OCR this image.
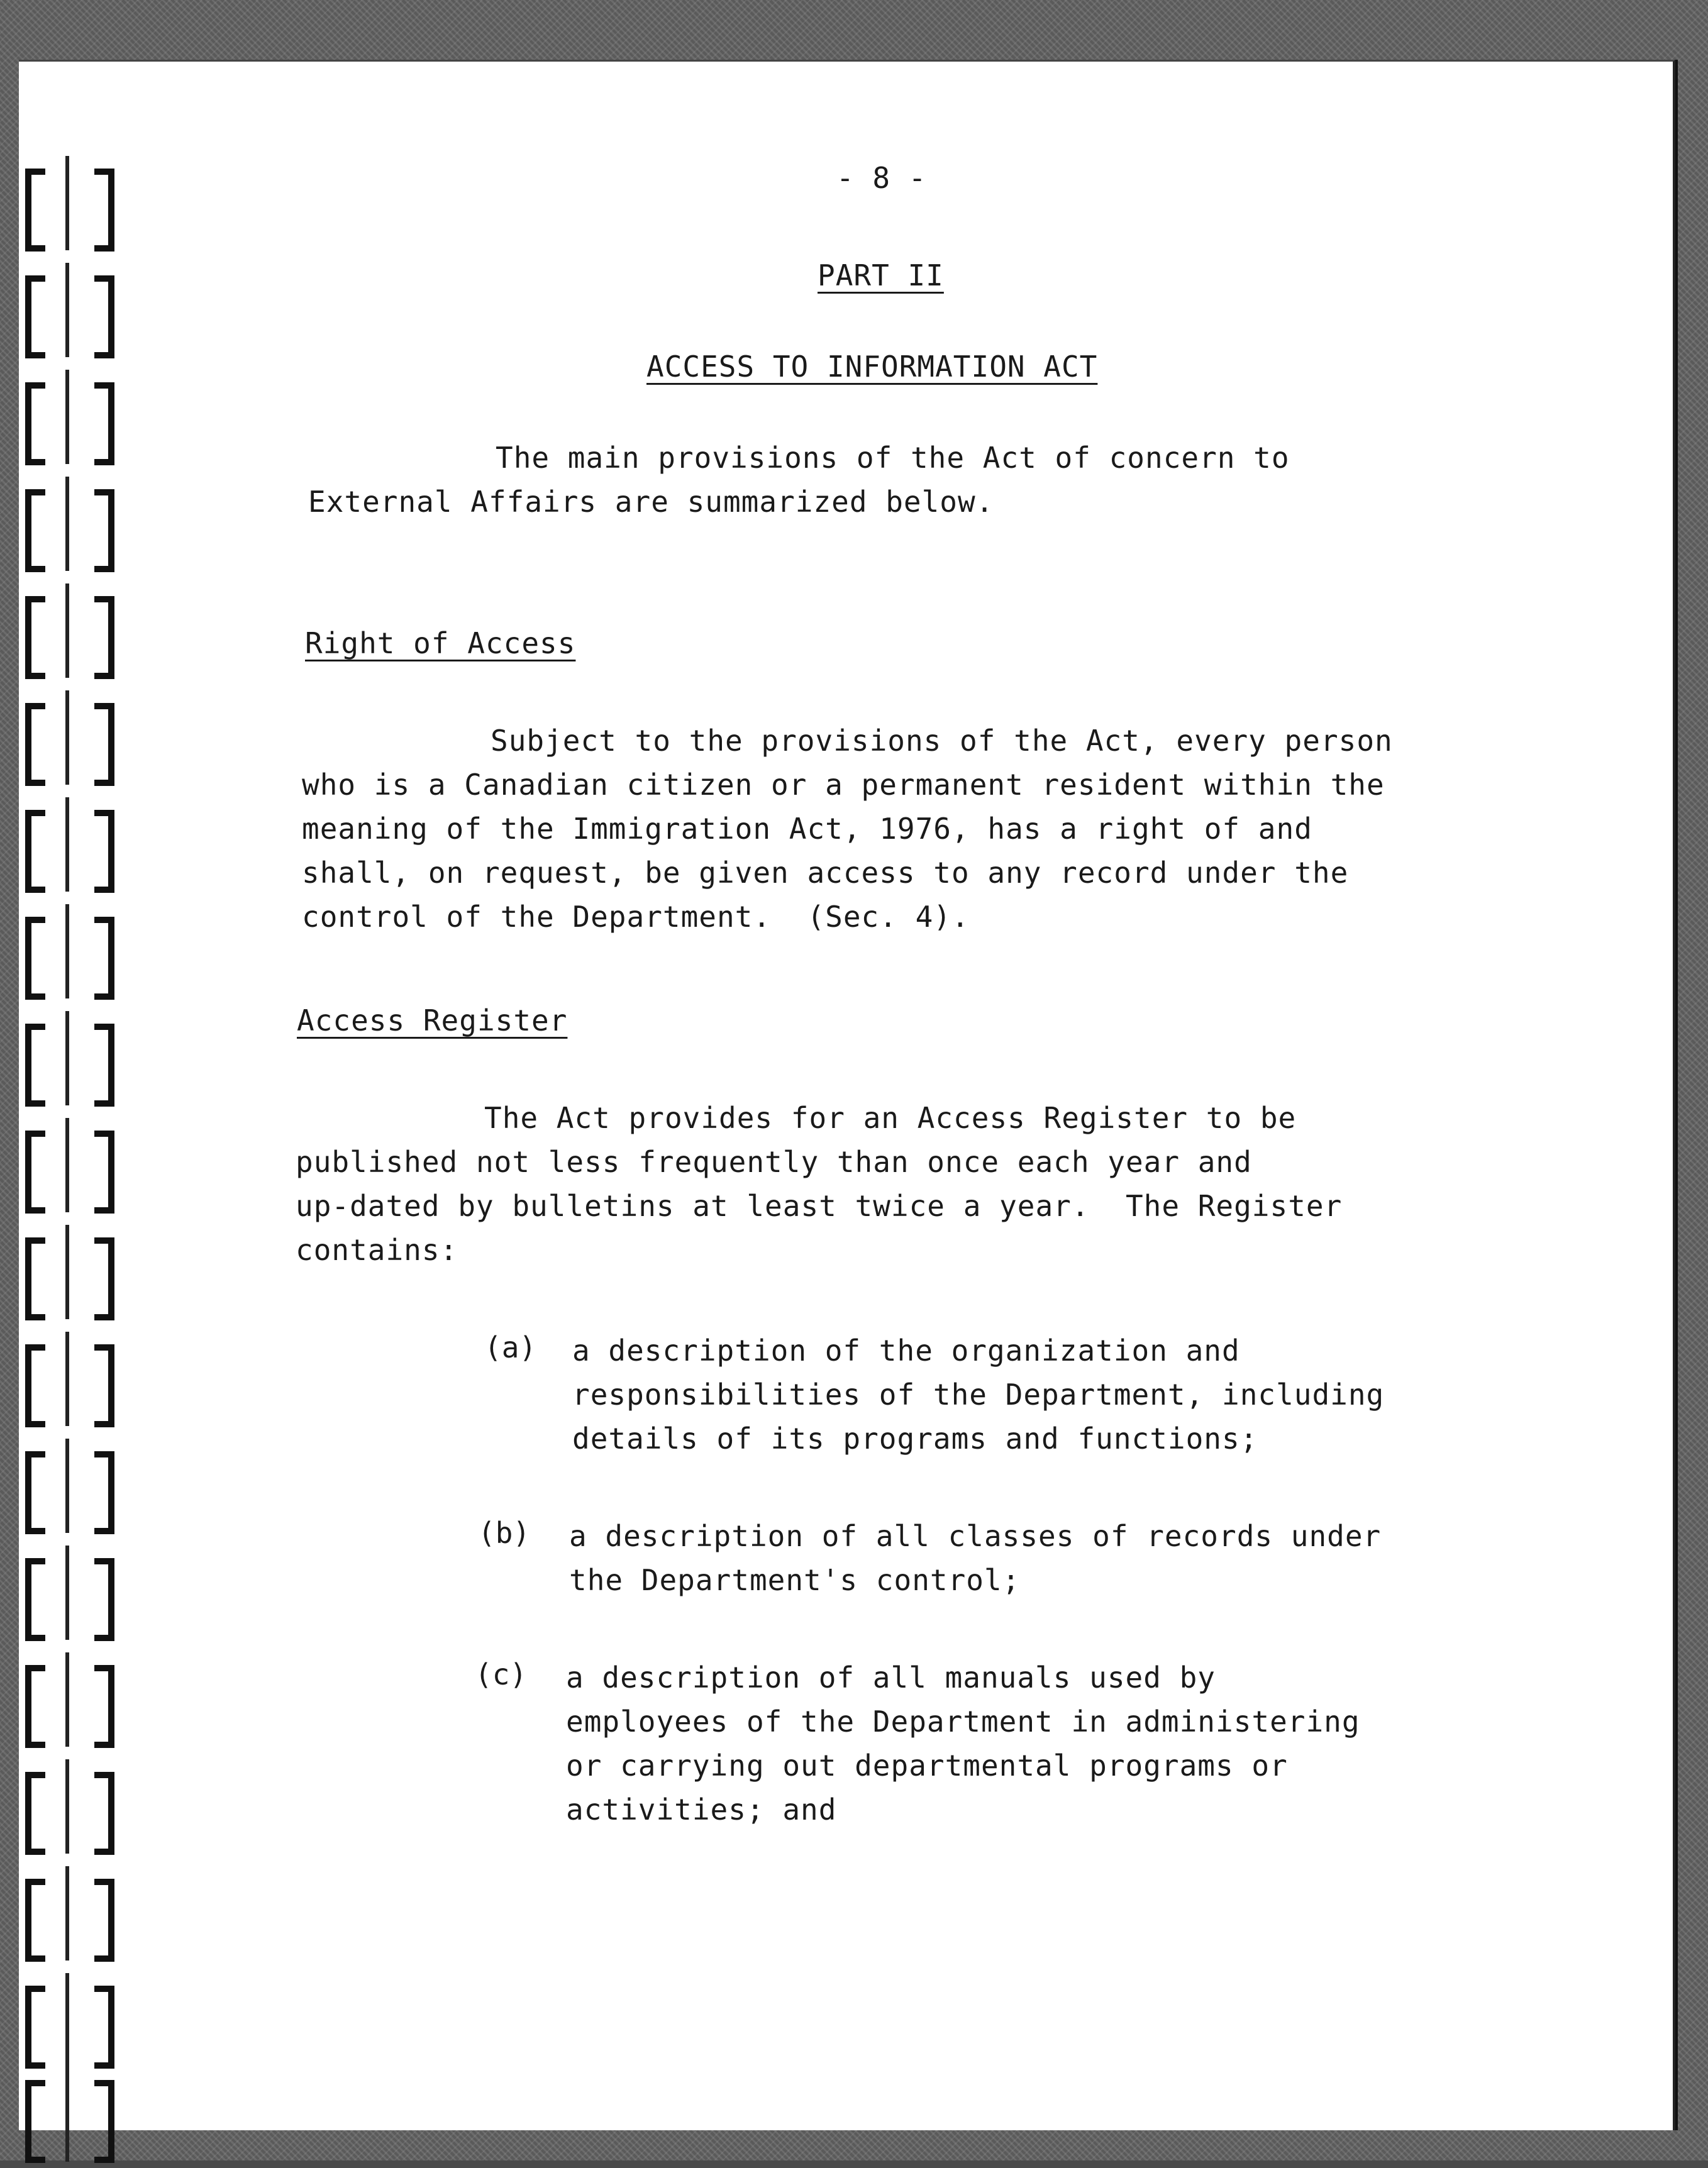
- 8 -
PART II
ACCESS TO INFORMATION ACT
The main provisions of the Act of concern to
External Affairs are summarized below.
Right of Access
Subject to the provisions of the Act, every person
who is a Canadian citizen or a permanent resident within the
meaning of the Immigration Act, 1976, has a right of and
shall, on request, be given access to any record under the
control of the Department.  (Sec. 4).
Access Register
The Act provides for an Access Register to be
published not less frequently than once each year and
up-dated by bulletins at least twice a year.  The Register
contains:
(a) a description of the organization and
responsibilities of the Department, including
details of its programs and functions;
(b) a description of all classes of records under
the Department's control;
(c) a description of all manuals used by
employees of the Department in administering
or carrying out departmental programs or
activities; and
